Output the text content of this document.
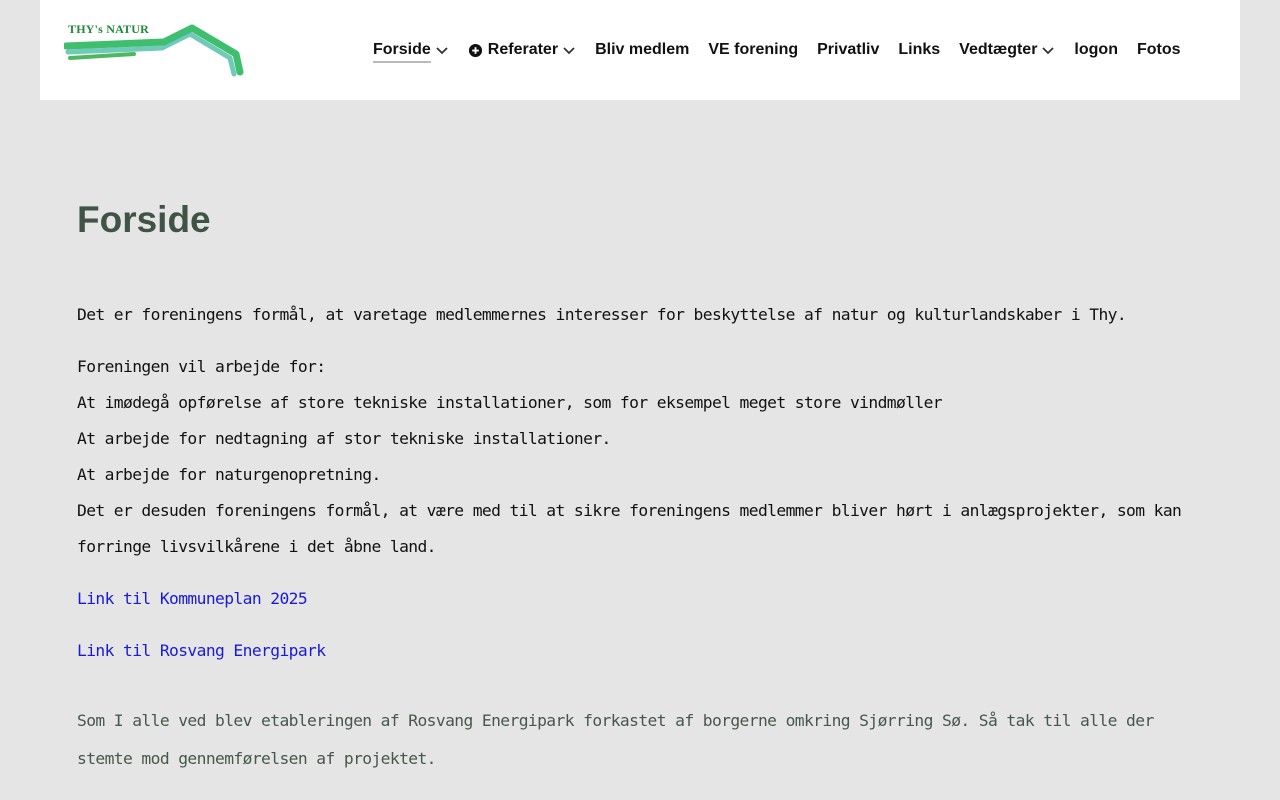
THY's NATUR
Forside	Referater Bliv medlem VE forening Privatliv Links Vedtægter logon Fotos
Forside
Det er foreningens formål, at varetage medlemmernes interesser for beskyttelse af natur og kulturlandskaber i Thy.
Foreningen vil arbejde for:
At imødegå opførelse af store tekniske installationer, som for eksempel meget store vindmøller
At arbejde for nedtagning af stor tekniske installationer.
At arbejde for naturgenopretning.
Det er desuden foreningens formål, at være med til at sikre foreningens medlemmer bliver hørt i anlægsprojekter, som kan
forringe livsvilkårene i det åbne land.
Link til Kommuneplan 2025
Link til Rosvang Energipark
Som I alle ved blev etableringen af Rosvang Energipark forkastet af borgerne omkring Sjørring Sø. Så tak til alle der
stemte mod gennemførelsen af projektet.
